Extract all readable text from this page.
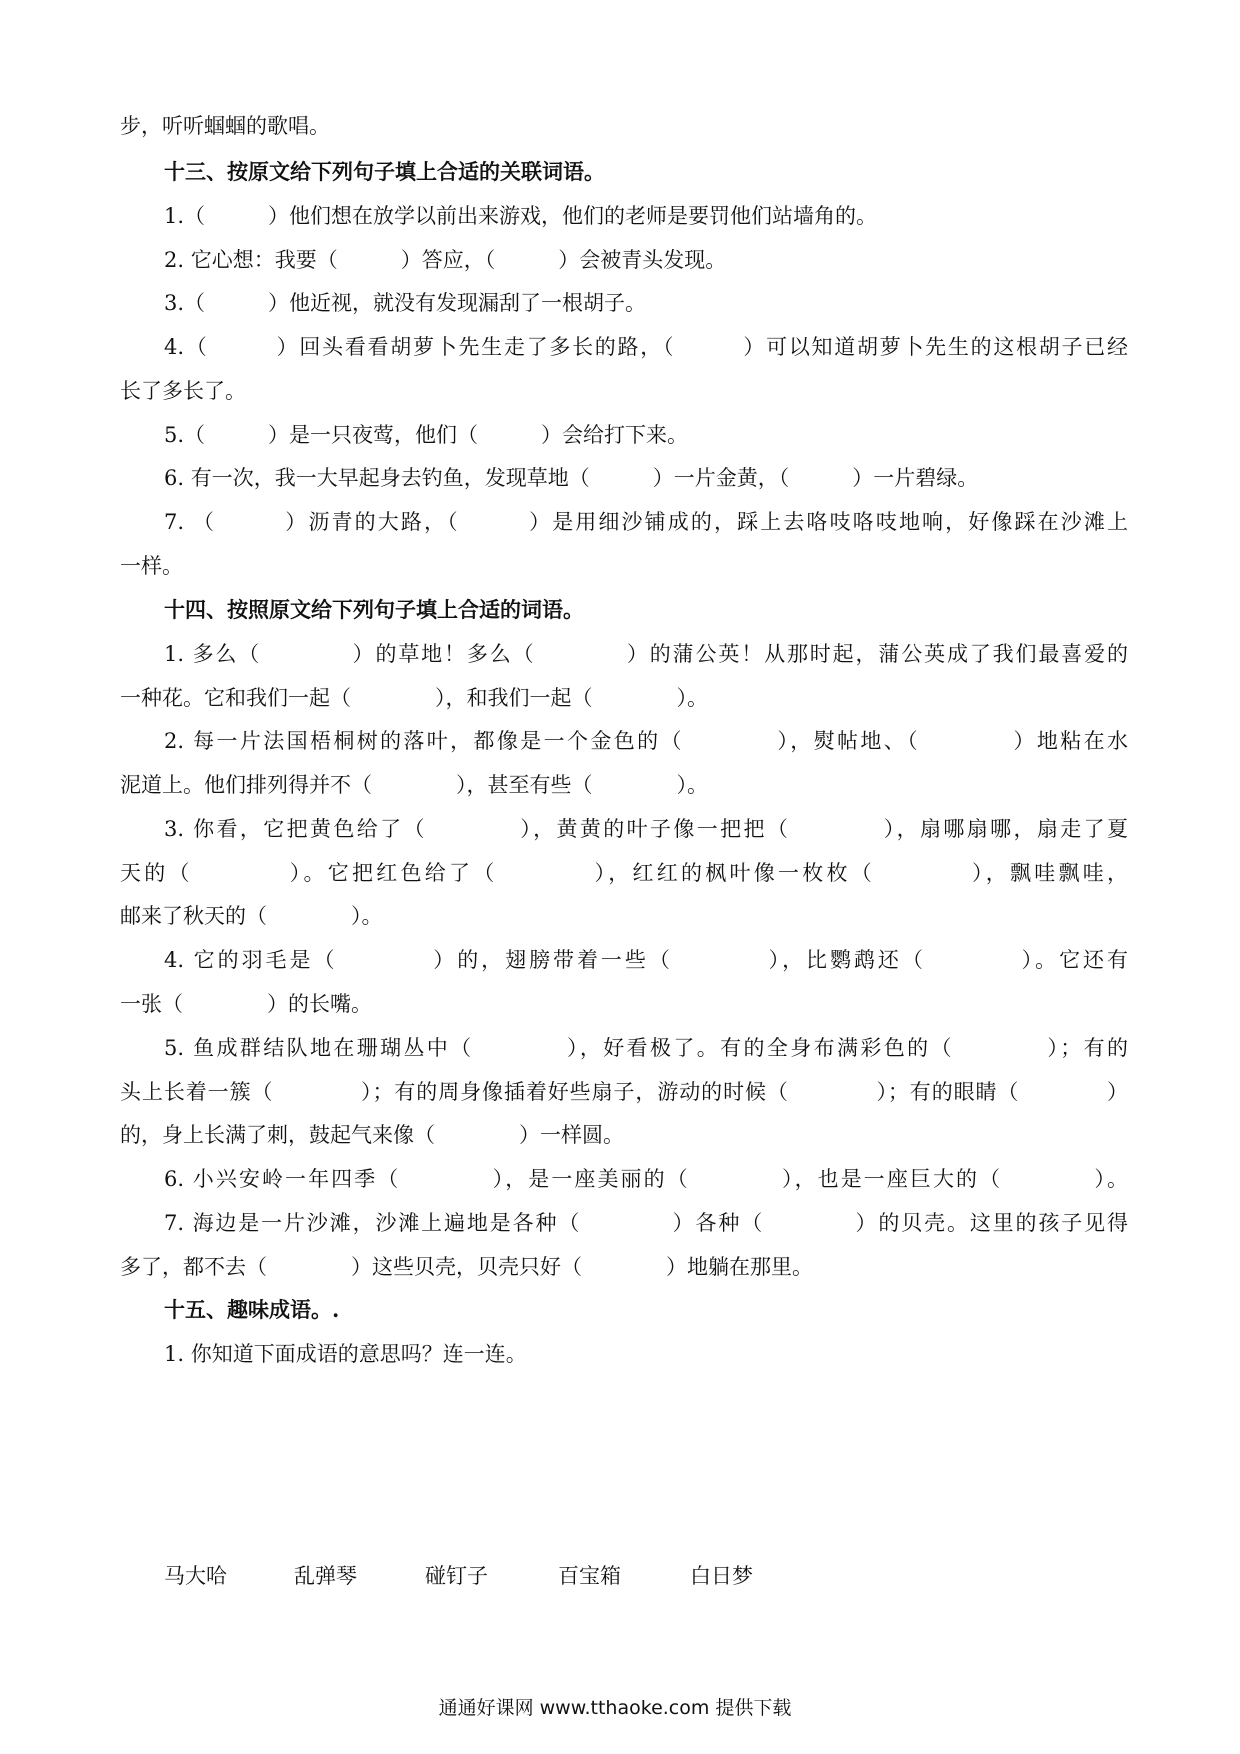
步，听听蝈蝈的歌唱。

十三、按原文给下列句子填上合适的关联词语。

1.（　　　）他们想在放学以前出来游戏，他们的老师是要罚他们站墙角的。

2. 它心想：我要（　　　）答应，（　　　）会被青头发现。

3.（　　　）他近视，就没有发现漏刮了一根胡子。

4.（　　　）回头看看胡萝卜先生走了多长的路，（　　　）可以知道胡萝卜先生的这根胡子已经

长了多长了。

5.（　　　）是一只夜莺，他们（　　　）会给打下来。

6. 有一次，我一大早起身去钓鱼，发现草地（　　　）一片金黄，（　　　）一片碧绿。

7. （　　　）沥青的大路，（　　　）是用细沙铺成的，踩上去咯吱咯吱地响，好像踩在沙滩上

一样。

十四、按照原文给下列句子填上合适的词语。

1. 多么（　　　　）的草地！多么（　　　　）的蒲公英！从那时起，蒲公英成了我们最喜爱的

一种花。它和我们一起（　　　　），和我们一起（　　　　）。

2. 每一片法国梧桐树的落叶，都像是一个金色的（　　　　），熨帖地、（　　　　）地粘在水

泥道上。他们排列得并不（　　　　），甚至有些（　　　　）。

3. 你看，它把黄色给了（　　　　），黄黄的叶子像一把把（　　　　），扇哪扇哪，扇走了夏

天的（　　　　）。它把红色给了（　　　　），红红的枫叶像一枚枚（　　　　），飘哇飘哇，

邮来了秋天的（　　　　）。

4. 它的羽毛是（　　　　）的，翅膀带着一些（　　　　），比鹦鹉还（　　　　）。它还有

一张（　　　　）的长嘴。

5. 鱼成群结队地在珊瑚丛中（　　　　），好看极了。有的全身布满彩色的（　　　　）；有的

头上长着一簇（　　　　）；有的周身像插着好些扇子，游动的时候（　　　　）；有的眼睛（　　　　）

的，身上长满了刺，鼓起气来像（　　　　）一样圆。

6. 小兴安岭一年四季（　　　　），是一座美丽的（　　　　），也是一座巨大的（　　　　）。

7. 海边是一片沙滩，沙滩上遍地是各种（　　　　）各种（　　　　）的贝壳。这里的孩子见得

多了，都不去（　　　　）这些贝壳，贝壳只好（　　　　）地躺在那里。

十五、趣味成语。.

1. 你知道下面成语的意思吗？连一连。

马大哈	乱弹琴	碰钉子	百宝箱	白日梦
通通好课网 www.tthaoke.com 提供下载
